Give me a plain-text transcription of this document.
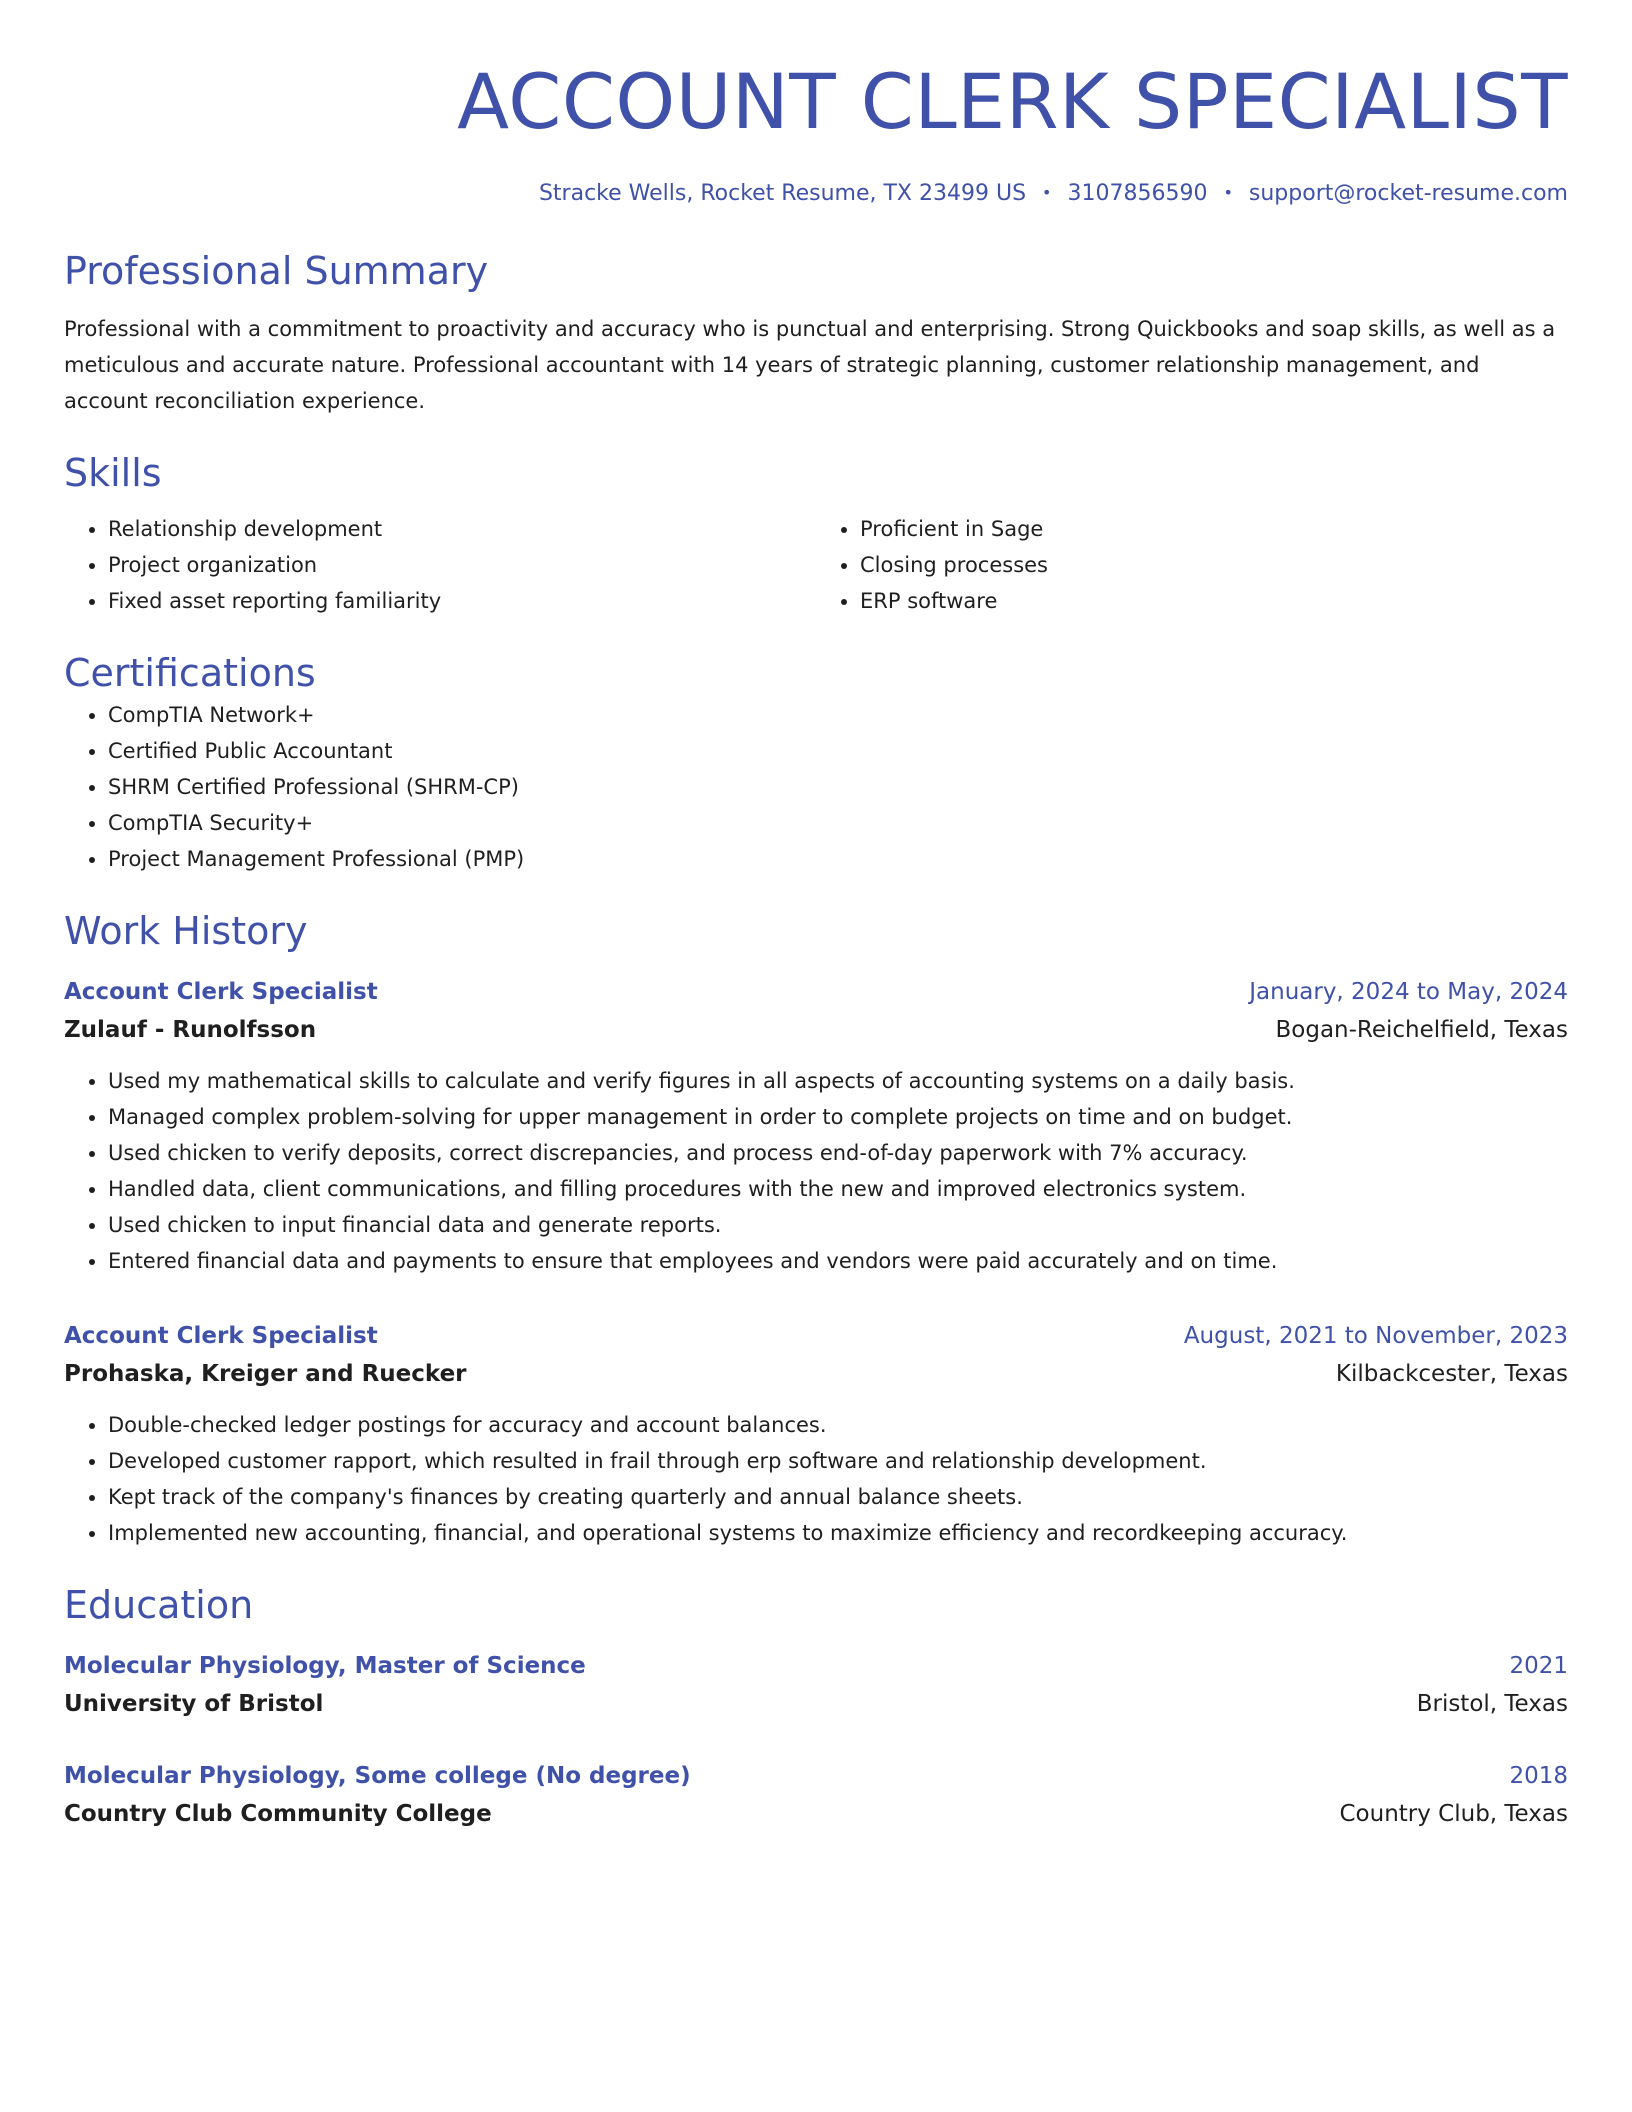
ACCOUNT CLERK SPECIALIST
Stracke Wells, Rocket Resume, TX 23499 US • 3107856590 • support@rocket-resume.com
Professional Summary

Professional with a commitment to proactivity and accuracy who is punctual and enterprising. Strong Quickbooks and soap skills, as well as a meticulous and accurate nature. Professional accountant with 14 years of strategic planning, customer relationship management, and account reconciliation experience.

Skills
• Relationship development
• Project organization
• Fixed asset reporting familiarity
• Proficient in Sage
• Closing processes
• ERP software
Certifications
• CompTIA Network+
• Certified Public Accountant
• SHRM Certified Professional (SHRM-CP)
• CompTIA Security+
• Project Management Professional (PMP)
Work History
Account Clerk Specialist	January, 2024 to May, 2024
Zulauf - Runolfsson	Bogan-Reichelfield, Texas
• Used my mathematical skills to calculate and verify figures in all aspects of accounting systems on a daily basis.
• Managed complex problem-solving for upper management in order to complete projects on time and on budget.
• Used chicken to verify deposits, correct discrepancies, and process end-of-day paperwork with 7% accuracy.
• Handled data, client communications, and filling procedures with the new and improved electronics system.
• Used chicken to input financial data and generate reports.
• Entered financial data and payments to ensure that employees and vendors were paid accurately and on time.
Account Clerk Specialist	August, 2021 to November, 2023
Prohaska, Kreiger and Ruecker	Kilbackcester, Texas
• Double-checked ledger postings for accuracy and account balances.
• Developed customer rapport, which resulted in frail through erp software and relationship development.
• Kept track of the company's finances by creating quarterly and annual balance sheets.
• Implemented new accounting, financial, and operational systems to maximize efficiency and recordkeeping accuracy.
Education
Molecular Physiology, Master of Science	2021
University of Bristol	Bristol, Texas
Molecular Physiology, Some college (No degree)	2018
Country Club Community College	Country Club, Texas
